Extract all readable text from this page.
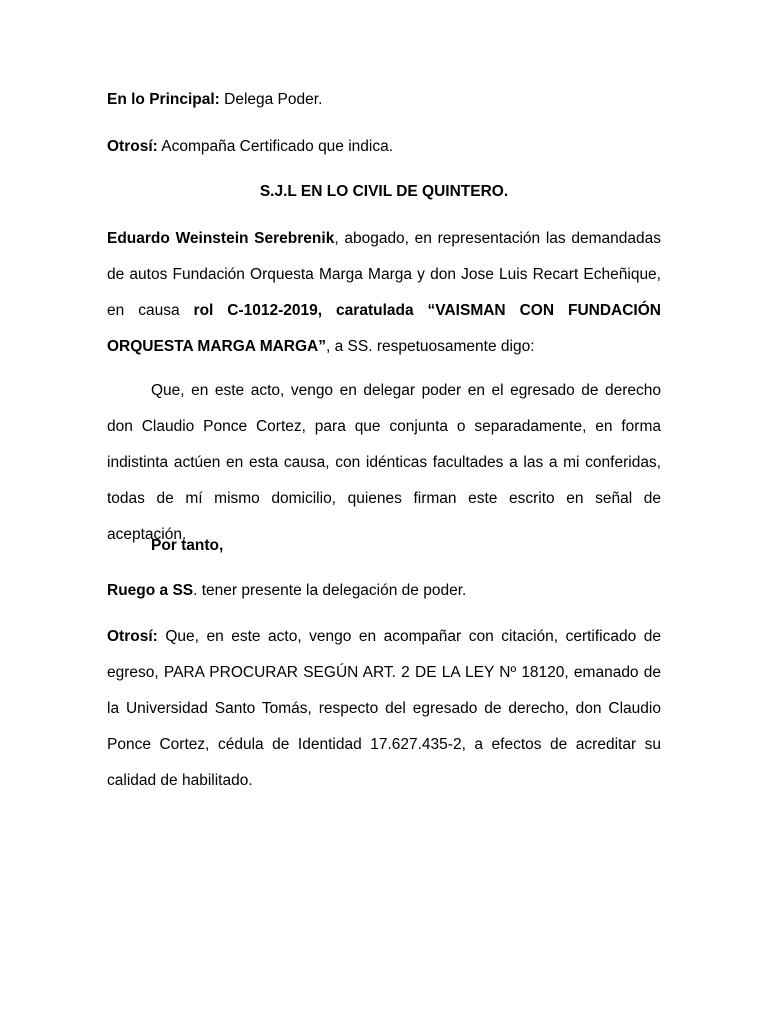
En lo Principal: Delega Poder.

Otrosí: Acompaña Certificado que indica.

S.J.L EN LO CIVIL DE QUINTERO.

Eduardo Weinstein Serebrenik, abogado, en representación las demandadas de autos Fundación Orquesta Marga Marga y don Jose Luis Recart Echeñique, en causa rol C-1012-2019, caratulada “VAISMAN CON FUNDACIÓN ORQUESTA MARGA MARGA”, a SS. respetuosamente digo:

Que, en este acto, vengo en delegar poder en el egresado de derecho don Claudio Ponce Cortez, para que conjunta o separadamente, en forma indistinta actúen en esta causa, con idénticas facultades a las a mi conferidas, todas de mí mismo domicilio, quienes firman este escrito en señal de aceptación.

Por tanto,

Ruego a SS. tener presente la delegación de poder.

Otrosí: Que, en este acto, vengo en acompañar con citación, certificado de egreso, PARA PROCURAR SEGÚN ART. 2 DE LA LEY Nº 18120, emanado de la Universidad Santo Tomás, respecto del egresado de derecho, don Claudio Ponce Cortez, cédula de Identidad 17.627.435-2, a efectos de acreditar su calidad de habilitado.
